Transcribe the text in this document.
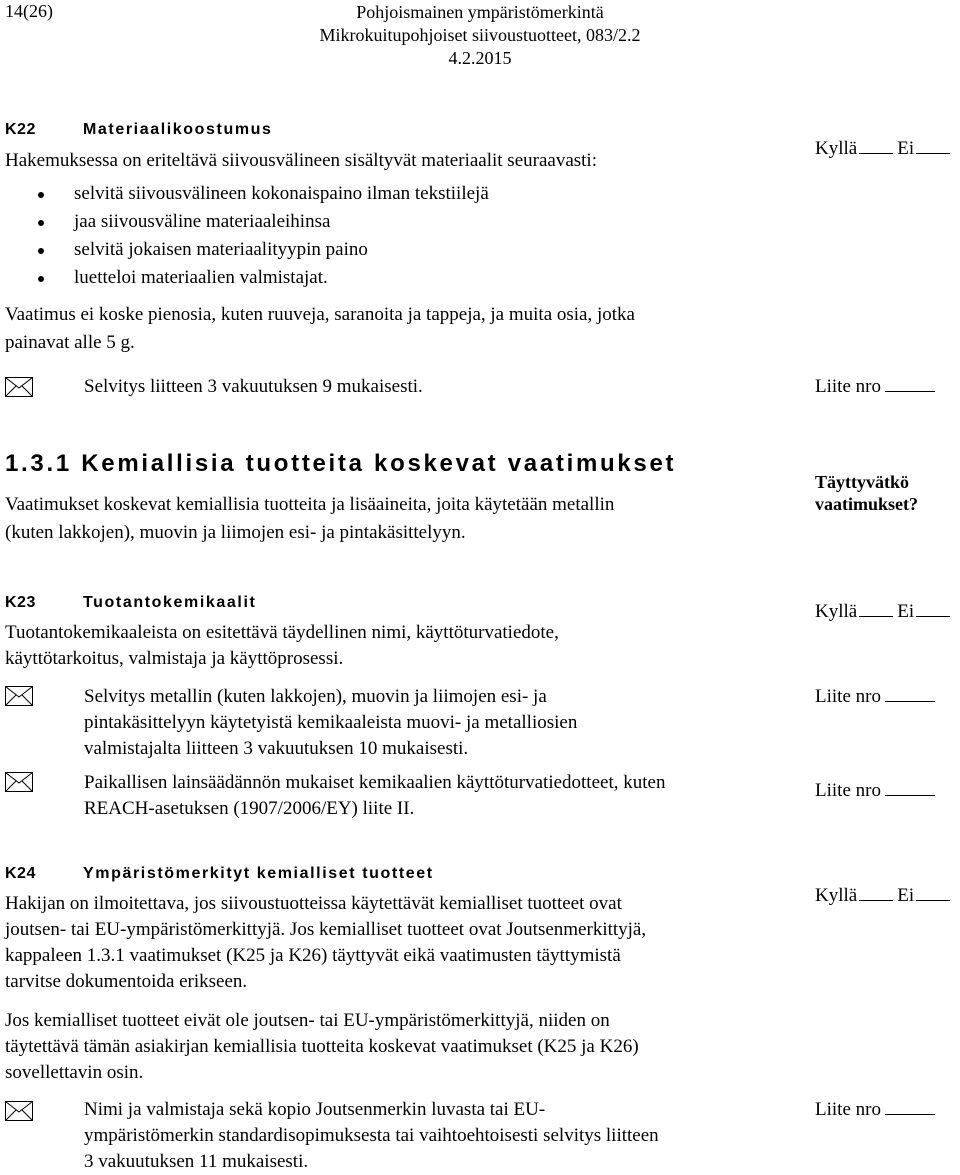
14(26)	Pohjoismainen ympäristömerkintä
Mikrokuitupohjoiset siivoustuotteet, 083/2.2
4.2.2015
K22	Materiaalikoostumus
Hakemuksessa on eriteltävä siivousvälineen sisältyvät materiaalit seuraavasti:
Kyllä Ei
selvitä siivousvälineen kokonaispaino ilman tekstiilejä
jaa siivousväline materiaaleihinsa
selvitä jokaisen materiaalityypin paino
luetteloi materiaalien valmistajat.
Vaatimus ei koske pienosia, kuten ruuveja, saranoita ja tappeja, ja muita osia, jotka
painavat alle 5 g.
Selvitys liitteen 3 vakuutuksen 9 mukaisesti.	Liite nro
1.3.1 Kemiallisia tuotteita koskevat vaatimukset
Vaatimukset koskevat kemiallisia tuotteita ja lisäaineita, joita käytetään metallin
(kuten lakkojen), muovin ja liimojen esi- ja pintakäsittelyyn.
Täyttyvätkö
vaatimukset?
K23	Tuotantokemikaalit	Kyllä Ei
Tuotantokemikaaleista on esitettävä täydellinen nimi, käyttöturvatiedote,
käyttötarkoitus, valmistaja ja käyttöprosessi.
Selvitys metallin (kuten lakkojen), muovin ja liimojen esi- ja
pintakäsittelyyn käytetyistä kemikaaleista muovi- ja metalliosien
valmistajalta liitteen 3 vakuutuksen 10 mukaisesti.
Liite nro
Paikallisen lainsäädännön mukaiset kemikaalien käyttöturvatiedotteet, kuten
REACH-asetuksen (1907/2006/EY) liite II.
Liite nro
K24	Ympäristömerkityt kemialliset tuotteet
Kyllä Ei
Hakijan on ilmoitettava, jos siivoustuotteissa käytettävät kemialliset tuotteet ovat
joutsen- tai EU-ympäristömerkittyjä. Jos kemialliset tuotteet ovat Joutsenmerkittyjä,
kappaleen 1.3.1 vaatimukset (K25 ja K26) täyttyvät eikä vaatimusten täyttymistä
tarvitse dokumentoida erikseen.
Jos kemialliset tuotteet eivät ole joutsen- tai EU-ympäristömerkittyjä, niiden on
täytettävä tämän asiakirjan kemiallisia tuotteita koskevat vaatimukset (K25 ja K26)
sovellettavin osin.
Nimi ja valmistaja sekä kopio Joutsenmerkin luvasta tai EU-
ympäristömerkin standardisopimuksesta tai vaihtoehtoisesti selvitys liitteen
3 vakuutuksen 11 mukaisesti.
Liite nro
